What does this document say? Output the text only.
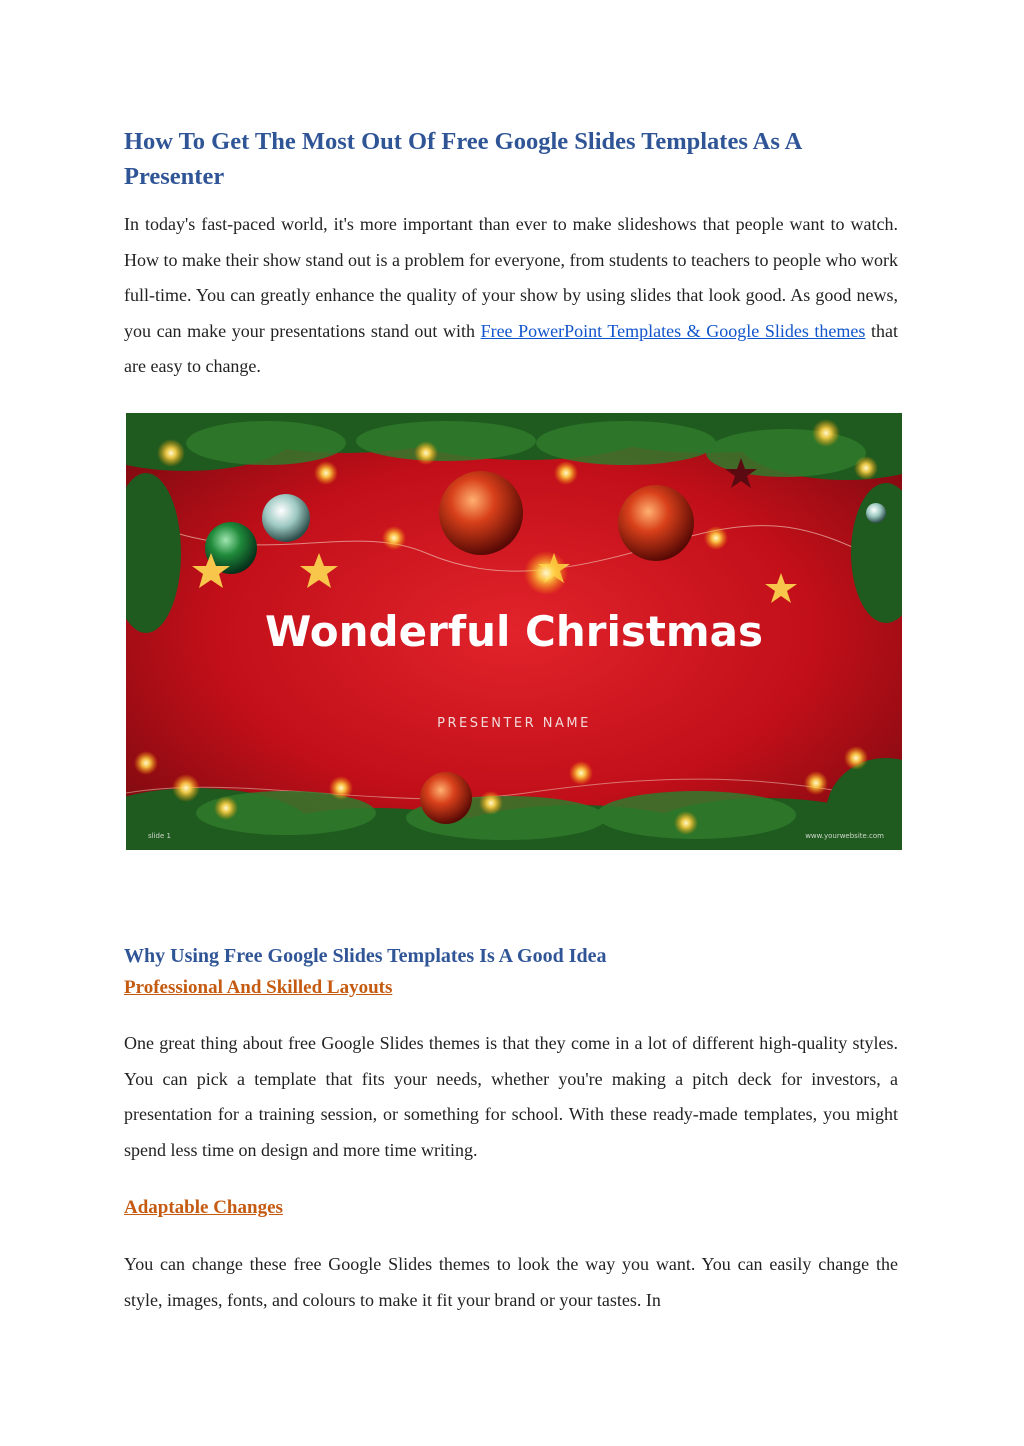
How To Get The Most Out Of Free Google Slides Templates As A Presenter

In today's fast-paced world, it's more important than ever to make slideshows that people want to watch. How to make their show stand out is a problem for everyone, from students to teachers to people who work full-time. You can greatly enhance the quality of your show by using slides that look good. As good news, you can make your presentations stand out with Free PowerPoint Templates & Google Slides themes that are easy to change.

Wonderful Christmas
PRESENTER NAME
slide 1	www.yourwebsite.com
Why Using Free Google Slides Templates Is A Good Idea
Professional And Skilled Layouts

One great thing about free Google Slides themes is that they come in a lot of different high-quality styles. You can pick a template that fits your needs, whether you're making a pitch deck for investors, a presentation for a training session, or something for school. With these ready-made templates, you might spend less time on design and more time writing.

Adaptable Changes

You can change these free Google Slides themes to look the way you want. You can easily change the style, images, fonts, and colours to make it fit your brand or your tastes. In
